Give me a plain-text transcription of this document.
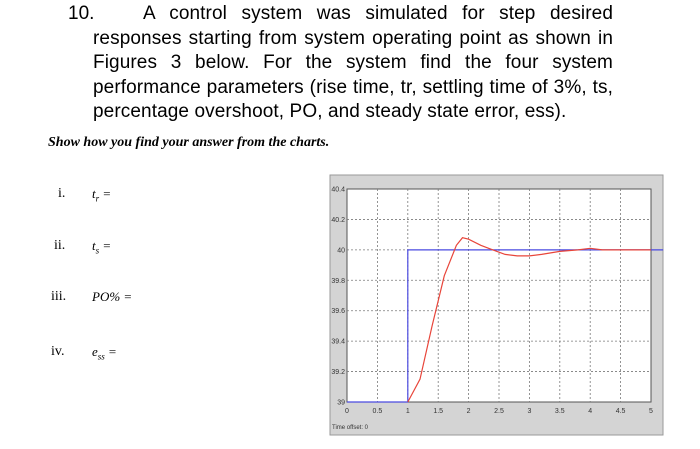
10.	A control system was simulated for step desired responses starting from system operating point as shown in Figures 3 below. For the system find the four system performance parameters (rise time, tr, settling time of 3%, ts, percentage overshoot, PO, and steady state error, ess).
Show how you find your answer from the charts.
i. $t_r$ =
ii. $t_s$ =
iii. PO% =
iv. $e_{ss}$ =
0	0.5	1	1.5	2	2.5	3	3.5	4	4.5	5
39
39.2
39.4
39.6
39.8
40
40.2
40.4
Time offset: 0
